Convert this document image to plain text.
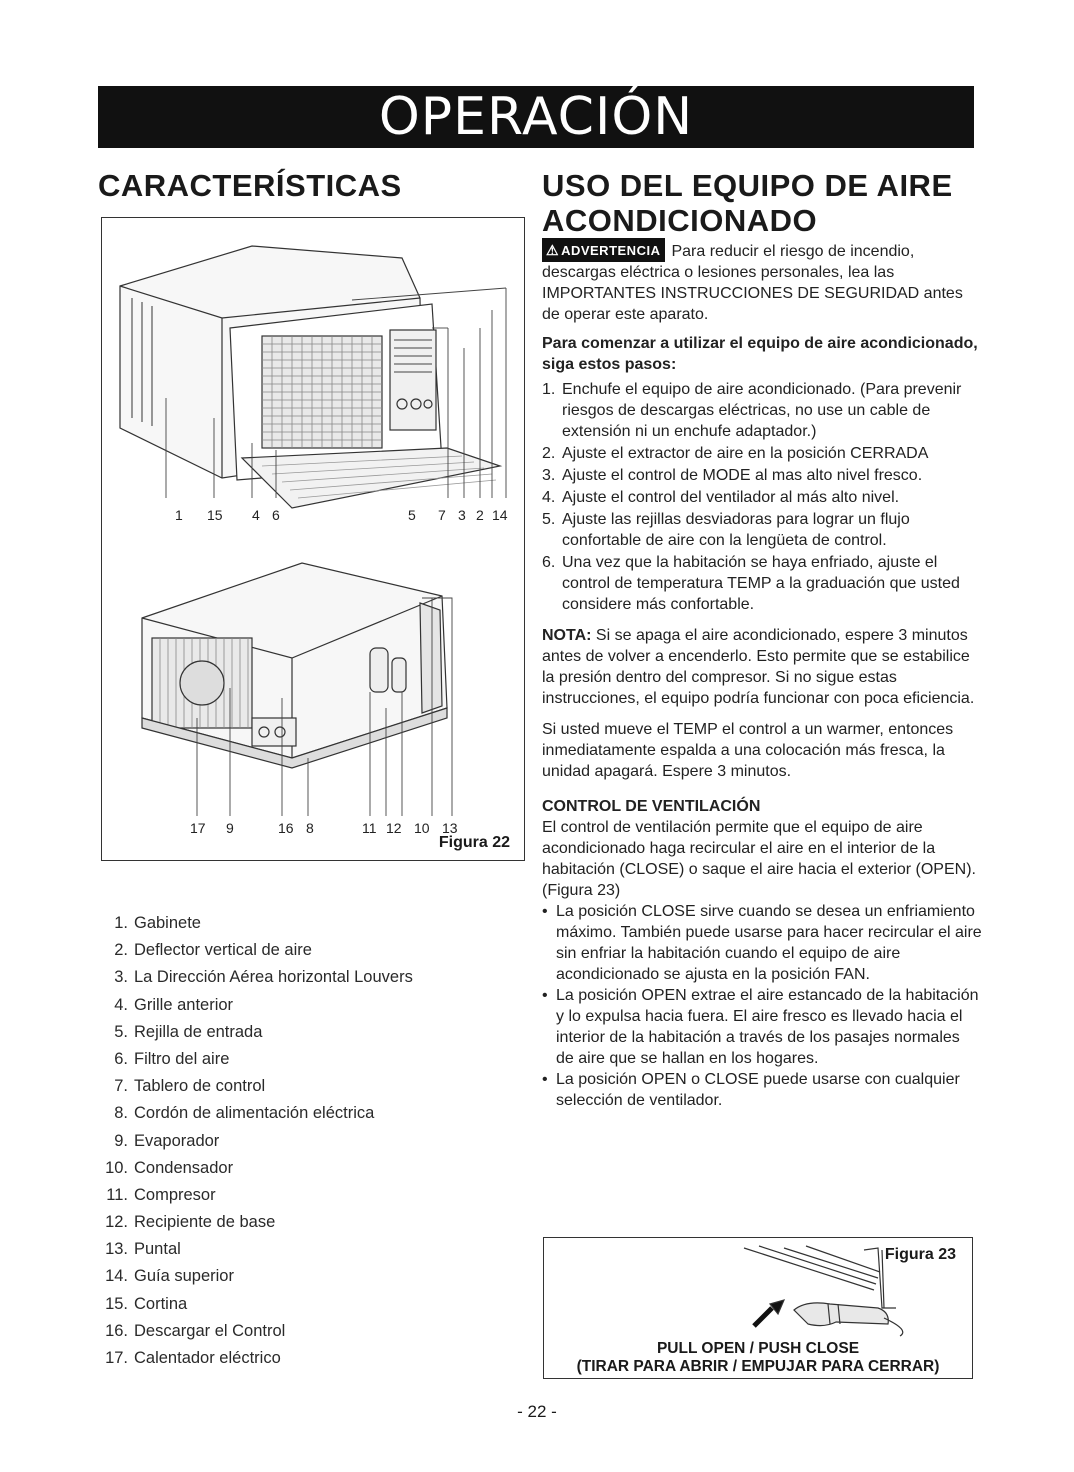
OPERACIÓN
CARACTERÍSTICAS	USO DEL EQUIPO DE AIRE ACONDICIONADO
1 15 4 6	5 7 3 2 14
17 9	16 8	11 12 10 13
Figura 22
1. Gabinete
2. Deflector vertical de aire
3. La Dirección Aérea horizontal Louvers
4. Grille anterior
5. Rejilla de entrada
6. Filtro del aire
7. Tablero de control
8. Cordón de alimentación eléctrica
9. Evaporador
10. Condensador
11. Compresor
12. Recipiente de base
13. Puntal
14. Guía superior
15. Cortina
16. Descargar el Control
17. Calentador eléctrico

⚠ ADVERTENCIA Para reducir el riesgo de incendio, descargas eléctrica o lesiones personales, lea las IMPORTANTES INSTRUCCIONES DE SEGURIDAD antes de operar este aparato.

Para comenzar a utilizar el equipo de aire acondicionado, siga estos pasos:

1. Enchufe el equipo de aire acondicionado. (Para prevenir riesgos de descargas eléctricas, no use un cable de extensión ni un enchufe adaptador.)
2. Ajuste el extractor de aire en la posición CERRADA
3. Ajuste el control de MODE al mas alto nivel fresco.
4. Ajuste el control del ventilador al más alto nivel.
5. Ajuste las rejillas desviadoras para lograr un flujo confortable de aire con la lengüeta de control.
6. Una vez que la habitación se haya enfriado, ajuste el control de temperatura TEMP a la graduación que usted considere más confortable.

NOTA: Si se apaga el aire acondicionado, espere 3 minutos antes de volver a encenderlo. Esto permite que se estabilice la presión dentro del compresor. Si no sigue estas instrucciones, el equipo podría funcionar con poca eficiencia.

Si usted mueve el TEMP el control a un warmer, entonces inmediatamente espalda a una colocación más fresca, la unidad apagará. Espere 3 minutos.

CONTROL DE VENTILACIÓN

El control de ventilación permite que el equipo de aire acondicionado haga recircular el aire en el interior de la habitación (CLOSE) o saque el aire hacia el exterior (OPEN). (Figura 23)

• La posición CLOSE sirve cuando se desea un enfriamiento máximo. También puede usarse para hacer recircular el aire sin enfriar la habitación cuando el equipo de aire acondicionado se ajusta en la posición FAN.
• La posición OPEN extrae el aire estancado de la habitación y lo expulsa hacia fuera. El aire fresco es llevado hacia el interior de la habitación a través de los pasajes normales de aire que se hallan en los hogares.
• La posición OPEN o CLOSE puede usarse con cualquier selección de ventilador.
Figura 23
PULL OPEN / PUSH CLOSE
(TIRAR PARA ABRIR / EMPUJAR PARA CERRAR)
- 22 -
